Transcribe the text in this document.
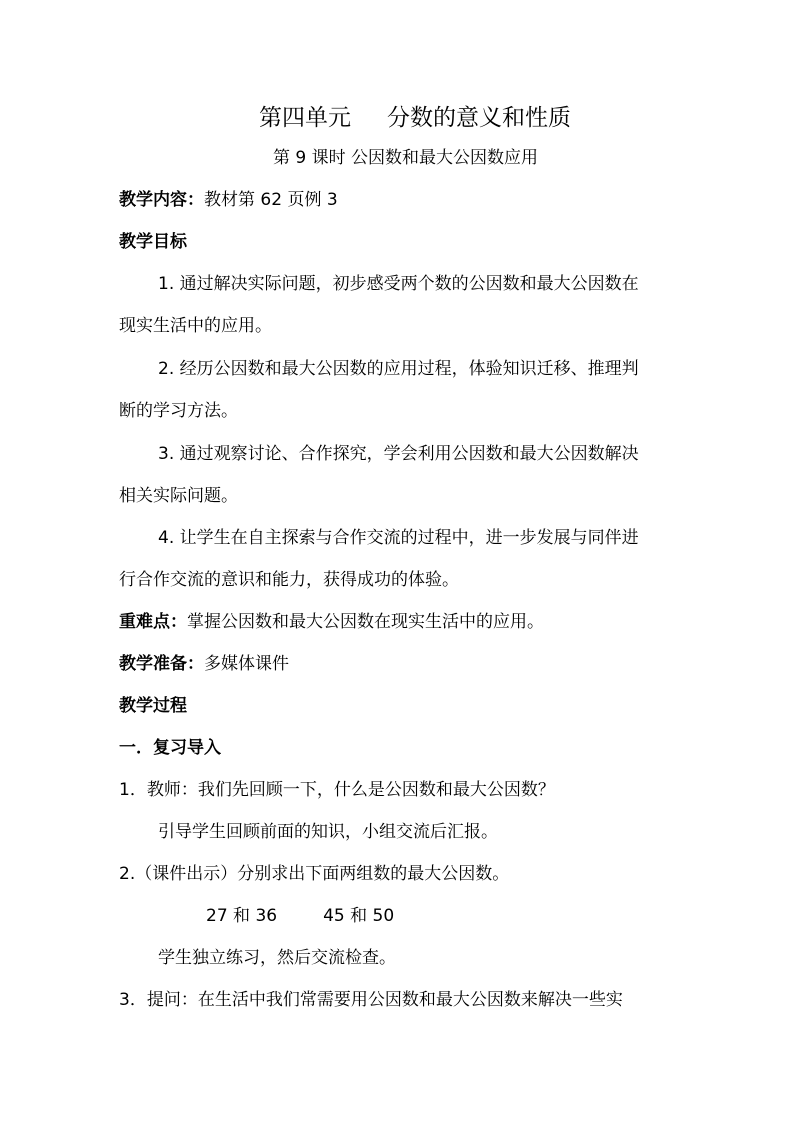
第四单元 分数的意义和性质
第 9 课时 公因数和最大公因数应用
教学内容：教材第 62 页例 3
教学目标
1. 通过解决实际问题，初步感受两个数的公因数和最大公因数在
现实生活中的应用。
2. 经历公因数和最大公因数的应用过程，体验知识迁移、推理判
断的学习方法。
3. 通过观察讨论、合作探究，学会利用公因数和最大公因数解决
相关实际问题。
4. 让学生在自主探索与合作交流的过程中，进一步发展与同伴进
行合作交流的意识和能力，获得成功的体验。
重难点：掌握公因数和最大公因数在现实生活中的应用。
教学准备：多媒体课件
教学过程
一．复习导入
1．教师：我们先回顾一下，什么是公因数和最大公因数？
引导学生回顾前面的知识，小组交流后汇报。
2.（课件出示）分别求出下面两组数的最大公因数。
27 和 36	45 和 50
学生独立练习，然后交流检查。
3．提问：在生活中我们常需要用公因数和最大公因数来解决一些实
